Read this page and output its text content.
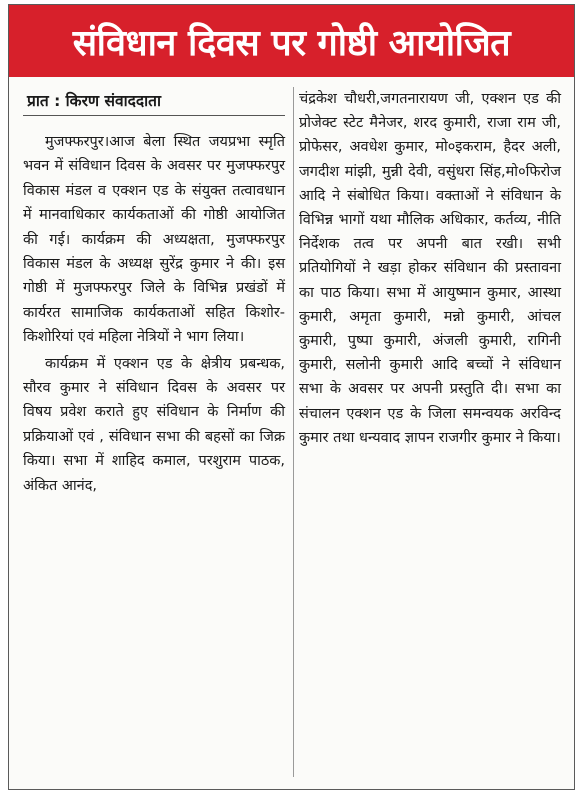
संविधान दिवस पर गोष्ठी आयोजित
प्रात : किरण संवाददाता

मुजफ्फरपुर।आज बेला स्थित जयप्रभा स्मृति भवन में संविधान दिवस के अवसर पर मुजफ्फरपुर विकास मंडल व एक्शन एड के संयुक्त तत्वावधान में मानवाधिकार कार्यकताओं की गोष्ठी आयोजित की गई। कार्यक्रम की अध्यक्षता, मुजफ्फरपुर विकास मंडल के अध्यक्ष सुरेंद्र कुमार ने की। इस गोष्ठी में मुजफ्फरपुर जिले के विभिन्न प्रखंडों में कार्यरत सामाजिक कार्यकताओं सहित किशोर- किशोरियां एवं महिला नेत्रियों ने भाग लिया।

कार्यक्रम में एक्शन एड के क्षेत्रीय प्रबन्धक, सौरव कुमार ने संविधान दिवस के अवसर पर विषय प्रवेश कराते हुए संविधान के निर्माण की प्रक्रियाओं एवं , संविधान सभा की बहसों का जिक्र किया। सभा में शाहिद कमाल, परशुराम पाठक, अंकित आनंद,

चंद्रकेश चौधरी,जगतनारायण जी, एक्शन एड की प्रोजेक्ट स्टेट मैनेजर, शरद कुमारी, राजा राम जी, प्रोफेसर, अवधेश कुमार, मो०इकराम, हैदर अली, जगदीश मांझी, मुन्नी देवी, वसुंधरा सिंह,मो०फिरोज आदि ने संबोधित किया। वक्ताओं ने संविधान के विभिन्न भागों यथा मौलिक अधिकार, कर्तव्य, नीति निर्देशक तत्व पर अपनी बात रखी। सभी प्रतियोगियों ने खड़ा होकर संविधान की प्रस्तावना का पाठ किया। सभा में आयुष्मान कुमार, आस्था कुमारी, अमृता कुमारी, मन्नो कुमारी, आंचल कुमारी, पुष्पा कुमारी, अंजली कुमारी, रागिनी कुमारी, सलोनी कुमारी आदि बच्चों ने संविधान सभा के अवसर पर अपनी प्रस्तुति दी। सभा का संचालन एक्शन एड के जिला समन्वयक अरविन्द कुमार तथा धन्यवाद ज्ञापन राजगीर कुमार ने किया।
